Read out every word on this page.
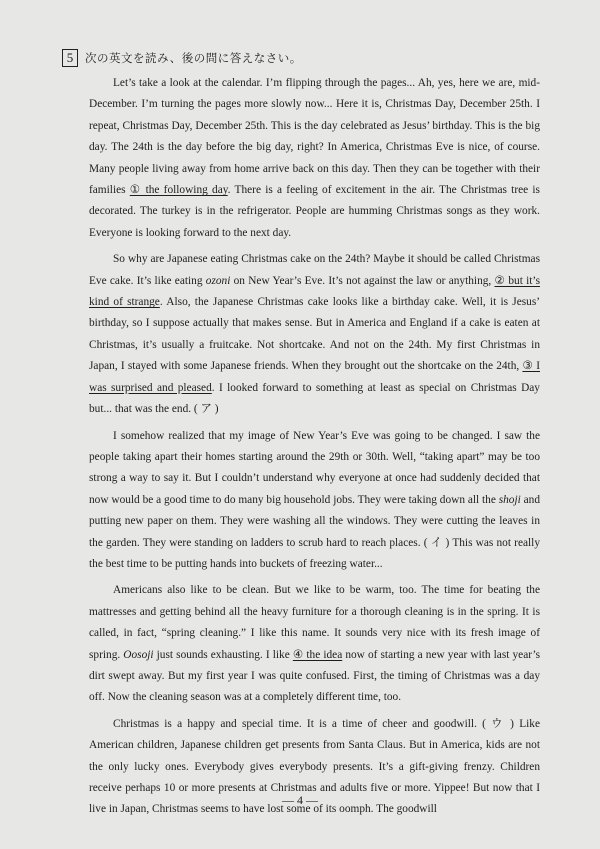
5	次の英文を読み、後の問に答えなさい。

Let’s take a look at the calendar. I’m flipping through the pages... Ah, yes, here we are, mid-December. I’m turning the pages more slowly now... Here it is, Christmas Day, December 25th. I repeat, Christmas Day, December 25th. This is the day celebrated as Jesus’ birthday. This is the big day. The 24th is the day before the big day, right? In America, Christmas Eve is nice, of course. Many people living away from home arrive back on this day. Then they can be together with their families ① the following day. There is a feeling of excitement in the air. The Christmas tree is decorated. The turkey is in the refrigerator. People are humming Christmas songs as they work. Everyone is looking forward to the next day.

So why are Japanese eating Christmas cake on the 24th? Maybe it should be called Christmas Eve cake. It’s like eating ozoni on New Year’s Eve. It’s not against the law or anything, ② but it’s kind of strange. Also, the Japanese Christmas cake looks like a birthday cake. Well, it is Jesus’ birthday, so I suppose actually that makes sense. But in America and England if a cake is eaten at Christmas, it’s usually a fruitcake. Not shortcake. And not on the 24th. My first Christmas in Japan, I stayed with some Japanese friends. When they brought out the shortcake on the 24th, ③ I was surprised and pleased. I looked forward to something at least as special on Christmas Day but... that was the end. ( ア )

I somehow realized that my image of New Year’s Eve was going to be changed. I saw the people taking apart their homes starting around the 29th or 30th. Well, “taking apart” may be too strong a way to say it. But I couldn’t understand why everyone at once had suddenly decided that now would be a good time to do many big household jobs. They were taking down all the shoji and putting new paper on them. They were washing all the windows. They were cutting the leaves in the garden. They were standing on ladders to scrub hard to reach places. ( イ ) This was not really the best time to be putting hands into buckets of freezing water...

Americans also like to be clean. But we like to be warm, too. The time for beating the mattresses and getting behind all the heavy furniture for a thorough cleaning is in the spring. It is called, in fact, “spring cleaning.” I like this name. It sounds very nice with its fresh image of spring. Oosoji just sounds exhausting. I like ④ the idea now of starting a new year with last year’s dirt swept away. But my first year I was quite confused. First, the timing of Christmas was a day off. Now the cleaning season was at a completely different time, too.

Christmas is a happy and special time. It is a time of cheer and goodwill. ( ウ ) Like American children, Japanese children get presents from Santa Claus. But in America, kids are not the only lucky ones. Everybody gives everybody presents. It’s a gift-giving frenzy. Children receive perhaps 10 or more presents at Christmas and adults five or more. Yippee! But now that I live in Japan, Christmas seems to have lost some of its oomph. The goodwill

— 4 —
